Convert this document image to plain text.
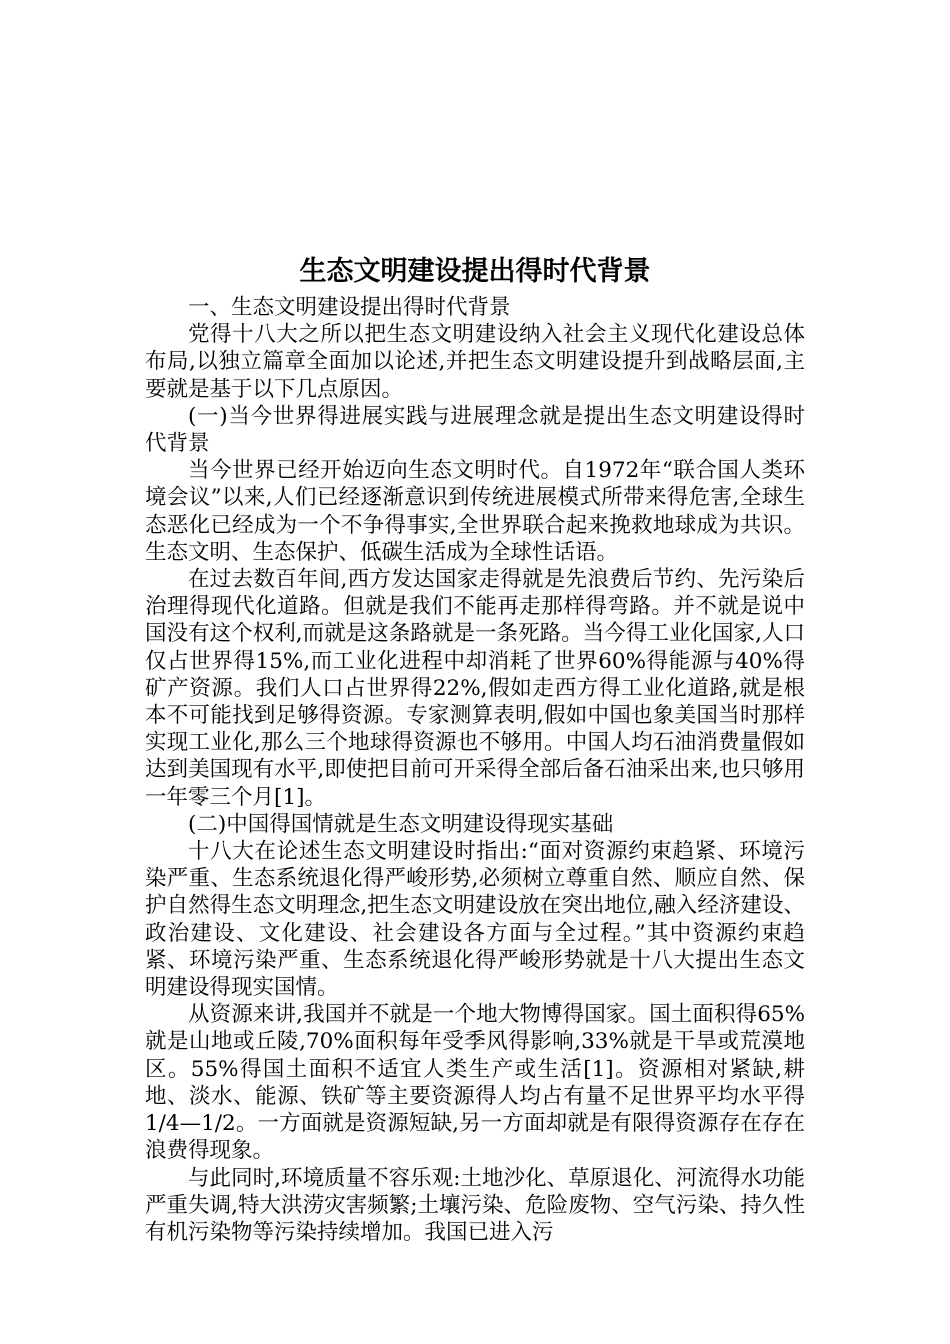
生态文明建设提出得时代背景

一、生态文明建设提出得时代背景

党得十八大之所以把生态文明建设纳入社会主义现代化建设总体布局,以独立篇章全面加以论述,并把生态文明建设提升到战略层面,主要就是基于以下几点原因。

(一)当今世界得进展实践与进展理念就是提出生态文明建设得时代背景

当今世界已经开始迈向生态文明时代。自1972年“联合国人类环境会议”以来,人们已经逐渐意识到传统进展模式所带来得危害,全球生态恶化已经成为一个不争得事实,全世界联合起来挽救地球成为共识。生态文明、生态保护、低碳生活成为全球性话语。

在过去数百年间,西方发达国家走得就是先浪费后节约、先污染后治理得现代化道路。但就是我们不能再走那样得弯路。并不就是说中国没有这个权利,而就是这条路就是一条死路。当今得工业化国家,人口仅占世界得15%,而工业化进程中却消耗了世界60%得能源与40%得矿产资源。我们人口占世界得22%,假如走西方得工业化道路,就是根本不可能找到足够得资源。专家测算表明,假如中国也象美国当时那样实现工业化,那么三个地球得资源也不够用。中国人均石油消费量假如达到美国现有水平,即使把目前可开采得全部后备石油采出来,也只够用一年零三个月[1]。

(二)中国得国情就是生态文明建设得现实基础

十八大在论述生态文明建设时指出:“面对资源约束趋紧、环境污染严重、生态系统退化得严峻形势,必须树立尊重自然、顺应自然、保护自然得生态文明理念,把生态文明建设放在突出地位,融入经济建设、政治建设、文化建设、社会建设各方面与全过程。”其中资源约束趋紧、环境污染严重、生态系统退化得严峻形势就是十八大提出生态文明建设得现实国情。

从资源来讲,我国并不就是一个地大物博得国家。国土面积得65%就是山地或丘陵,70%面积每年受季风得影响,33%就是干旱或荒漠地区。55%得国土面积不适宜人类生产或生活[1]。资源相对紧缺,耕地、淡水、能源、铁矿等主要资源得人均占有量不足世界平均水平得1/4—1/2。一方面就是资源短缺,另一方面却就是有限得资源存在存在浪费得现象。

与此同时,环境质量不容乐观:土地沙化、草原退化、河流得水功能严重失调,特大洪涝灾害频繁;土壤污染、危险废物、空气污染、持久性有机污染物等污染持续增加。我国已进入污
